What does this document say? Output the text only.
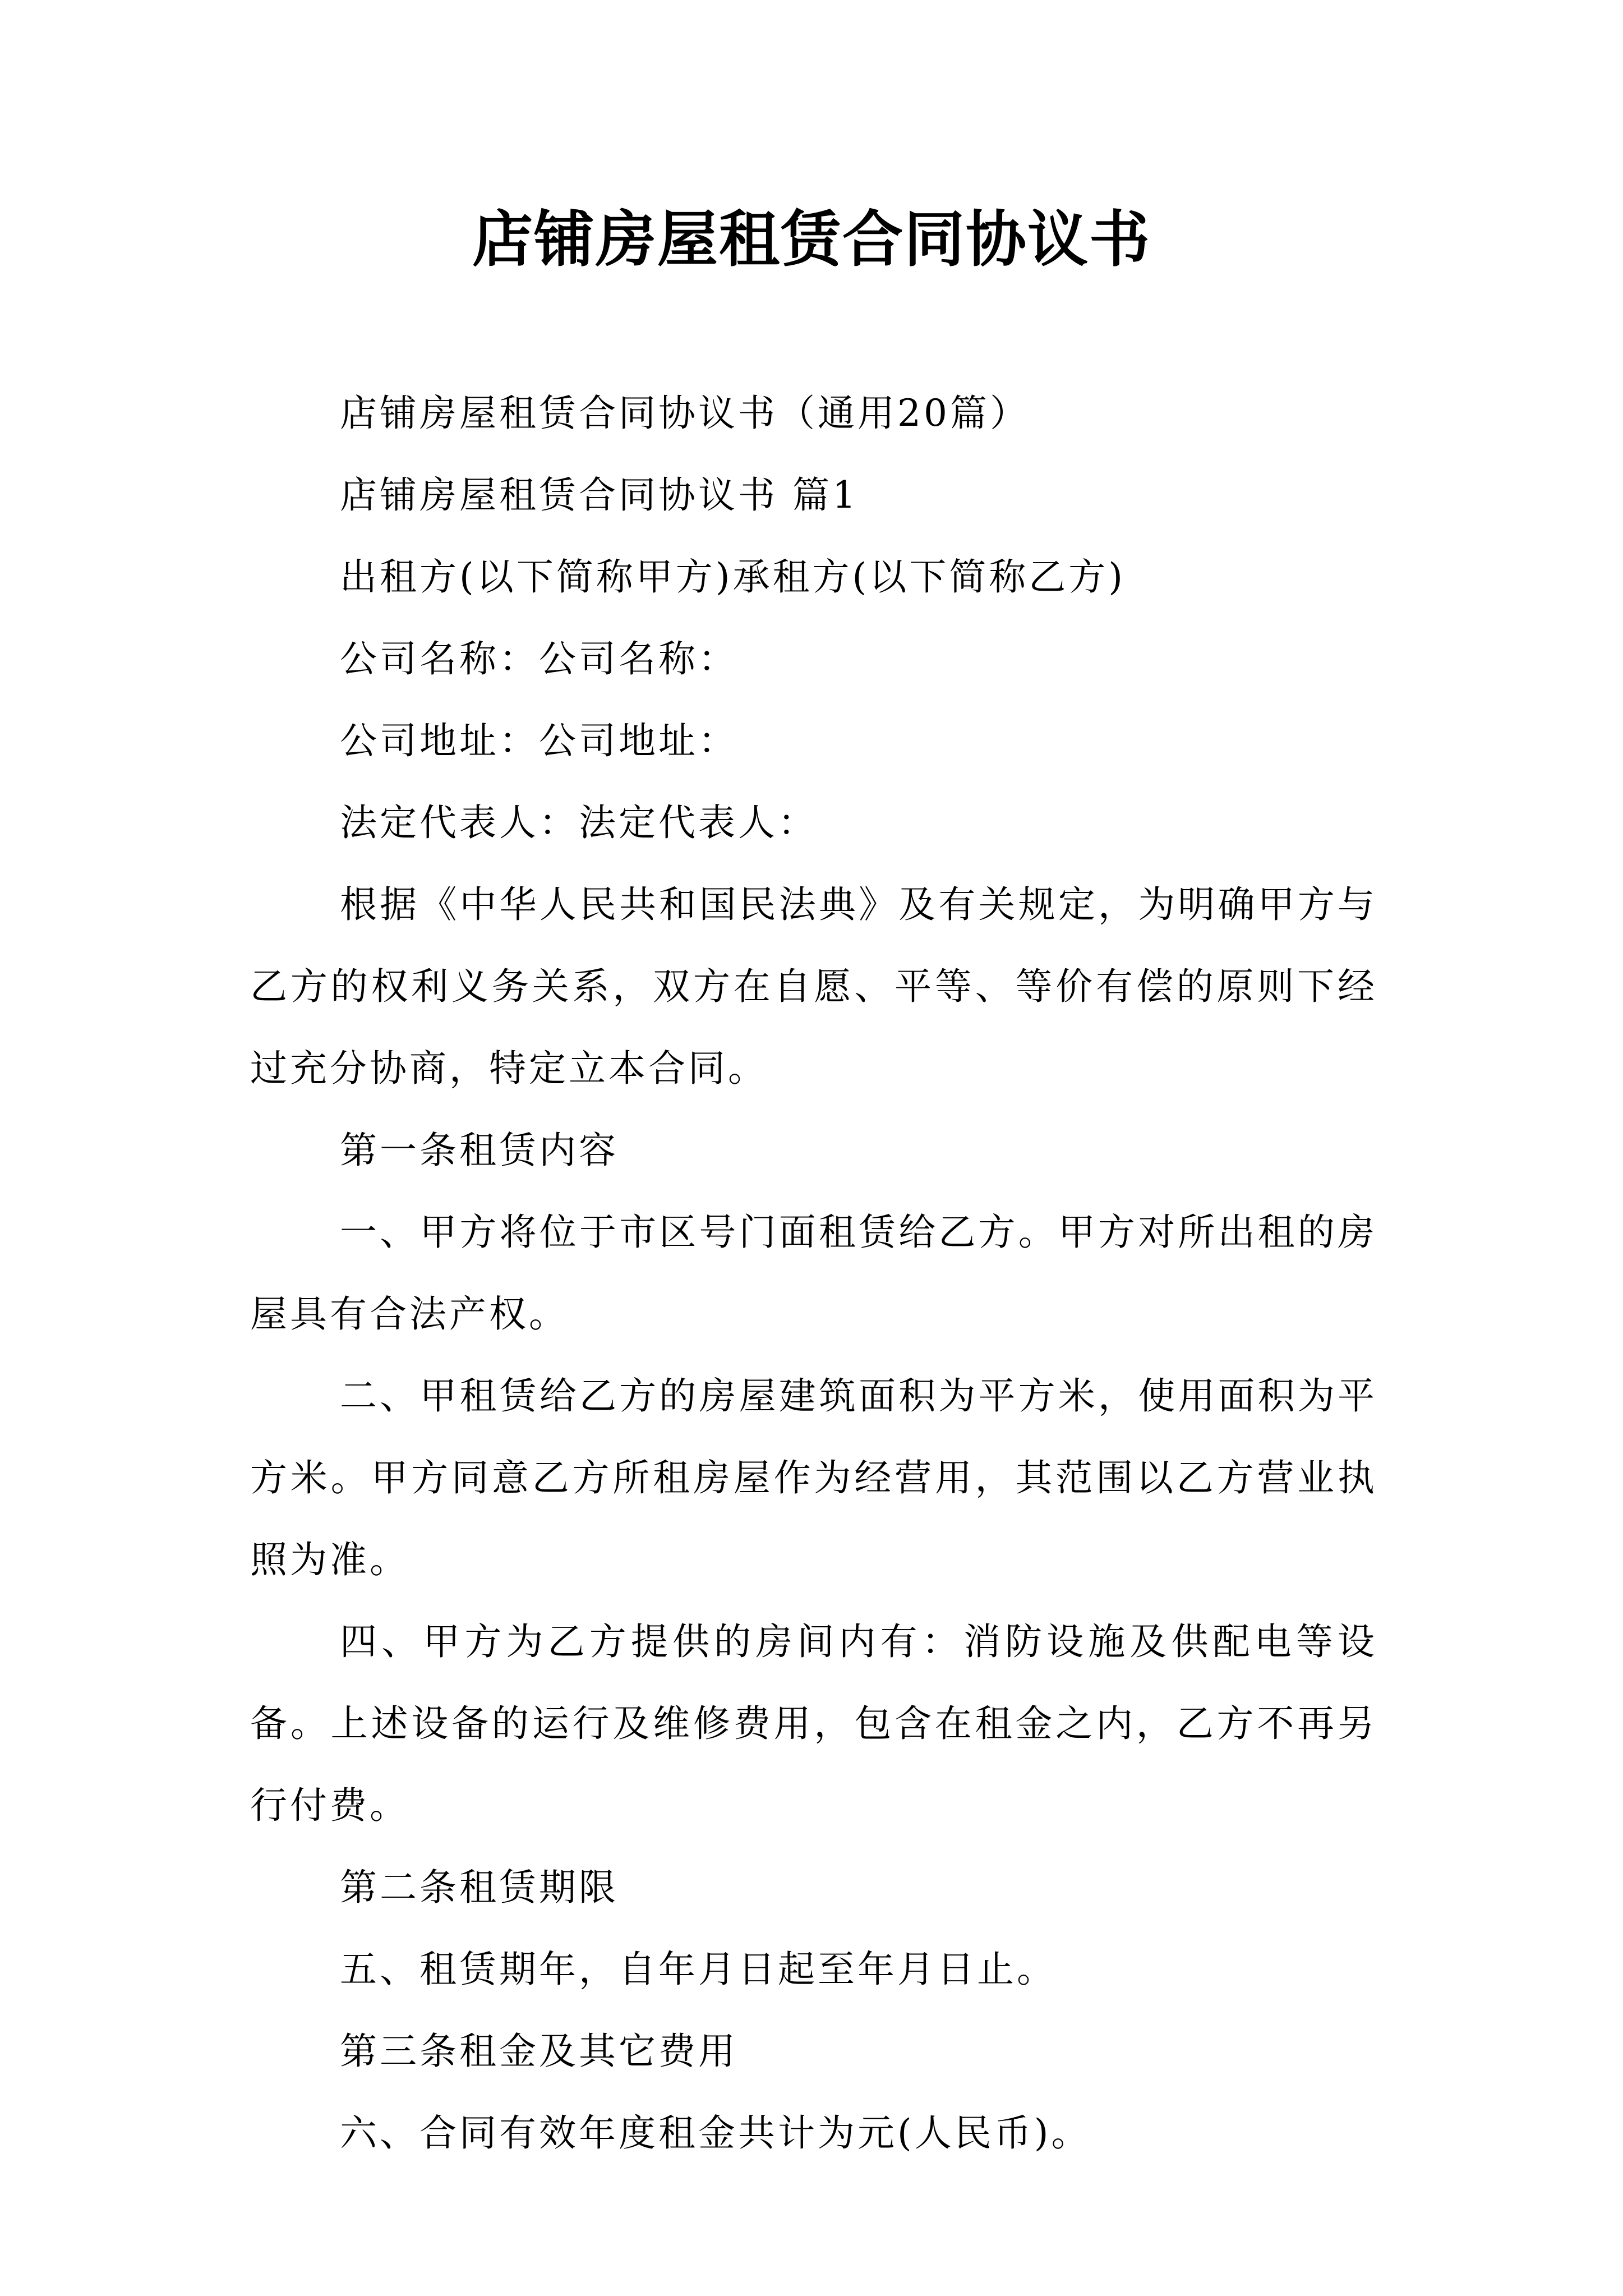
店铺房屋租赁合同协议书

店铺房屋租赁合同协议书（通用20篇）

店铺房屋租赁合同协议书 篇1

出租方(以下简称甲方)承租方(以下简称乙方)

公司名称：公司名称：

公司地址：公司地址：

法定代表人：法定代表人：

根据《中华人民共和国民法典》及有关规定，为明确甲方与乙方的权利义务关系，双方在自愿、平等、等价有偿的原则下经过充分协商，特定立本合同。

第一条租赁内容

一、甲方将位于市区号门面租赁给乙方。甲方对所出租的房屋具有合法产权。

二、甲租赁给乙方的房屋建筑面积为平方米，使用面积为平方米。甲方同意乙方所租房屋作为经营用，其范围以乙方营业执照为准。

四、甲方为乙方提供的房间内有：消防设施及供配电等设备。上述设备的运行及维修费用，包含在租金之内，乙方不再另行付费。

第二条租赁期限

五、租赁期年，自年月日起至年月日止。

第三条租金及其它费用

六、合同有效年度租金共计为元(人民币)。
